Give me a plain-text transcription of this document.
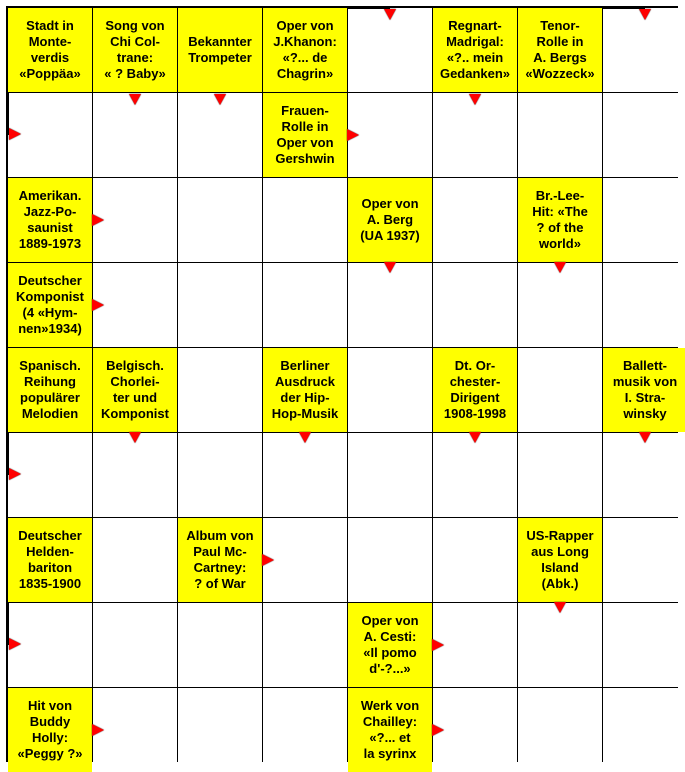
Stadt in
Monte-
verdis
«Poppäa»
Song von
Chi Col-
trane:
« ? Baby»
Bekannter
Trompeter
Oper von
J.Khanon:
«?... de
Chagrin»
Regnart-
Madrigal:
«?.. mein
Gedanken»
Tenor-
Rolle in
A. Bergs
«Wozzeck»
Frauen-
Rolle in
Oper von
Gershwin
Amerikan.
Jazz-Po-
saunist
1889-1973
Oper von
A. Berg
(UA 1937)
Br.-Lee-
Hit: «The
? of the
world»
Deutscher
Komponist
(4 «Hym-
nen»1934)
Spanisch.
Reihung
populärer
Melodien
Belgisch.
Chorlei-
ter und
Komponist
Berliner
Ausdruck
der Hip-
Hop-Musik
Dt. Or-
chester-
Dirigent
1908-1998
Ballett-
musik von
I. Stra-
winsky
Deutscher
Helden-
bariton
1835-1900
Album von
Paul Mc-
Cartney:
? of War
US-Rapper
aus Long
Island
(Abk.)
Oper von
A. Cesti:
«Il pomo
d'-?...»
Hit von
Buddy
Holly:
«Peggy ?»
Werk von
Chailley:
«?... et
la syrinx
